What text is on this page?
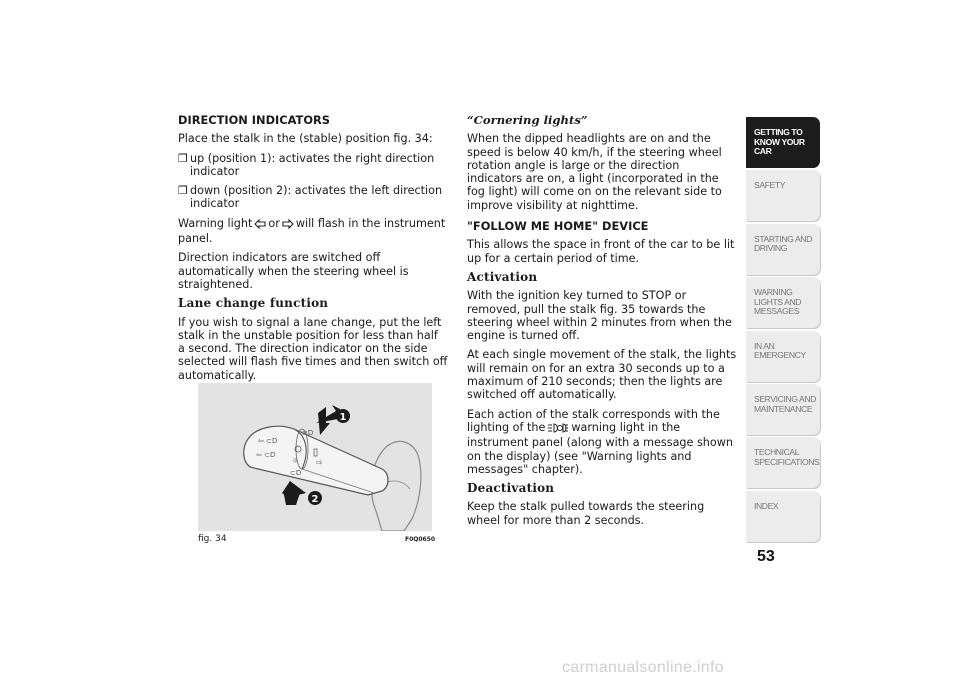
DIRECTION INDICATORS

Place the stalk in the (stable) position fig. 34:

❒ up (position 1): activates the right direction indicator
❒ down (position 2): activates the left direction indicator

Warning light or will flash in the instrument panel.

Direction indicators are switched off automatically when the steering wheel is straightened.

Lane change function

If you wish to signal a lane change, put the left stalk in the unstable position for less than half a second. The direction indicator on the side selected will flash five times and then switch off automatically.

⇦ ⊂D
⇦ ⊂D
≡D
☼
⊂D
⇨
1
2
fig. 34	F0Q0650
“Cornering lights”

When the dipped headlights are on and the speed is below 40 km/h, if the steering wheel rotation angle is large or the direction indicators are on, a light (incorporated in the fog light) will come on on the relevant side to improve visibility at nighttime.

"FOLLOW ME HOME" DEVICE

This allows the space in front of the car to be lit up for a certain period of time.

Activation

With the ignition key turned to STOP or removed, pull the stalk fig. 35 towards the steering wheel within 2 minutes from when the engine is turned off.

At each single movement of the stalk, the lights will remain on for an extra 30 seconds up to a maximum of 210 seconds; then the lights are switched off automatically.

Each action of the stalk corresponds with the lighting of the warning light in the instrument panel (along with a message shown on the display) (see "Warning lights and messages" chapter).

Deactivation

Keep the stalk pulled towards the steering wheel for more than 2 seconds.

GETTING TO KNOW YOUR CAR
SAFETY
STARTING AND DRIVING
WARNING LIGHTS AND MESSAGES
IN AN EMERGENCY
SERVICING AND MAINTENANCE
TECHNICAL SPECIFICATIONS
INDEX
53
carmanualsonline.info
